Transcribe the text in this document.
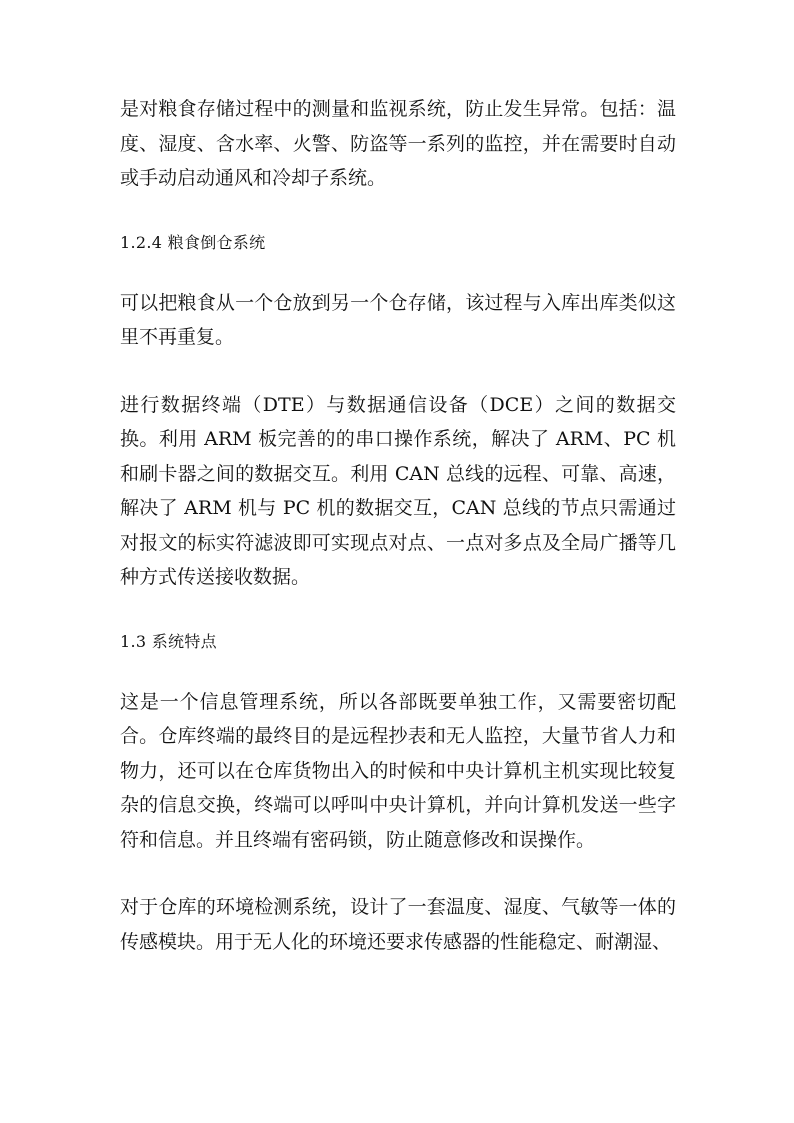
是对粮食存储过程中的测量和监视系统，防止发生异常。包括：温度、湿度、含水率、火警、防盗等一系列的监控，并在需要时自动或手动启动通风和冷却子系统。

1.2.4 粮食倒仓系统

可以把粮食从一个仓放到另一个仓存储，该过程与入库出库类似这里不再重复。

进行数据终端（DTE）与数据通信设备（DCE）之间的数据交换。利用 ARM 板完善的的串口操作系统，解决了 ARM、PC 机和刷卡器之间的数据交互。利用 CAN 总线的远程、可靠、高速，解决了 ARM 机与 PC 机的数据交互，CAN 总线的节点只需通过对报文的标实符滤波即可实现点对点、一点对多点及全局广播等几种方式传送接收数据。

1.3 系统特点

这是一个信息管理系统，所以各部既要单独工作，又需要密切配合。仓库终端的最终目的是远程抄表和无人监控，大量节省人力和物力，还可以在仓库货物出入的时候和中央计算机主机实现比较复杂的信息交换，终端可以呼叫中央计算机，并向计算机发送一些字符和信息。并且终端有密码锁，防止随意修改和误操作。

对于仓库的环境检测系统，设计了一套温度、湿度、气敏等一体的传感模块。用于无人化的环境还要求传感器的性能稳定、耐潮湿、
